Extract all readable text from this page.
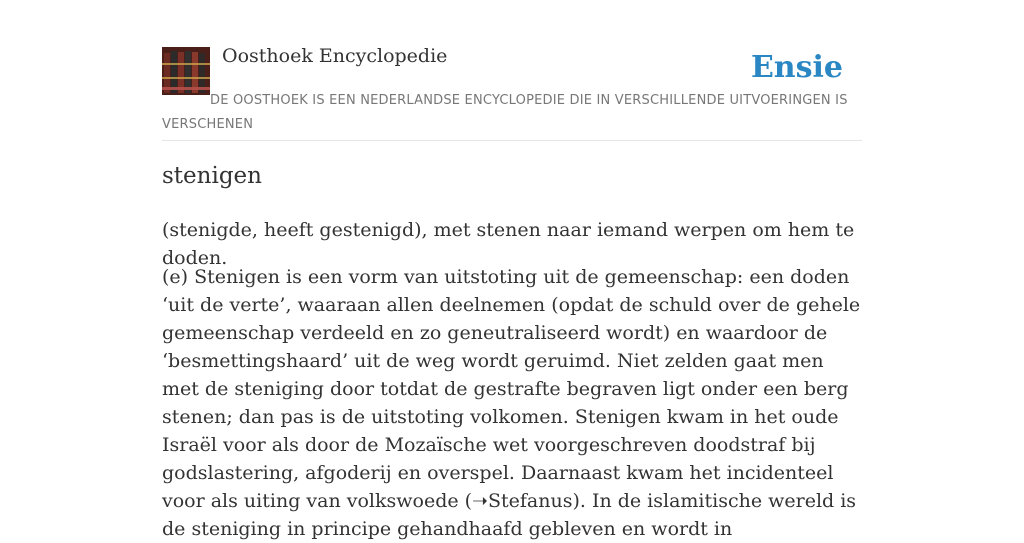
Oosthoek Encyclopedie	Ensie
DE OOSTHOEK IS EEN NEDERLANDSE ENCYCLOPEDIE DIE IN VERSCHILLENDE UITVOERINGEN IS VERSCHENEN
stenigen

(stenigde, heeft gestenigd), met stenen naar iemand werpen om hem te doden.

(e) Stenigen is een vorm van uitstoting uit de gemeenschap: een doden ‘uit de verte’, waaraan allen deelnemen (opdat de schuld over de gehele gemeenschap verdeeld en zo geneutraliseerd wordt) en waardoor de ‘besmettingshaard’ uit de weg wordt geruimd. Niet zelden gaat men met de steniging door totdat de gestrafte begraven ligt onder een berg stenen; dan pas is de uitstoting volkomen. Stenigen kwam in het oude Israël voor als door de Mozaïsche wet voorgeschreven doodstraf bij godslastering, afgoderij en overspel. Daarnaast kwam het incidenteel voor als uiting van volkswoede (➝Stefanus). In de islamitische wereld is de steniging in principe gehandhaafd gebleven en wordt in
